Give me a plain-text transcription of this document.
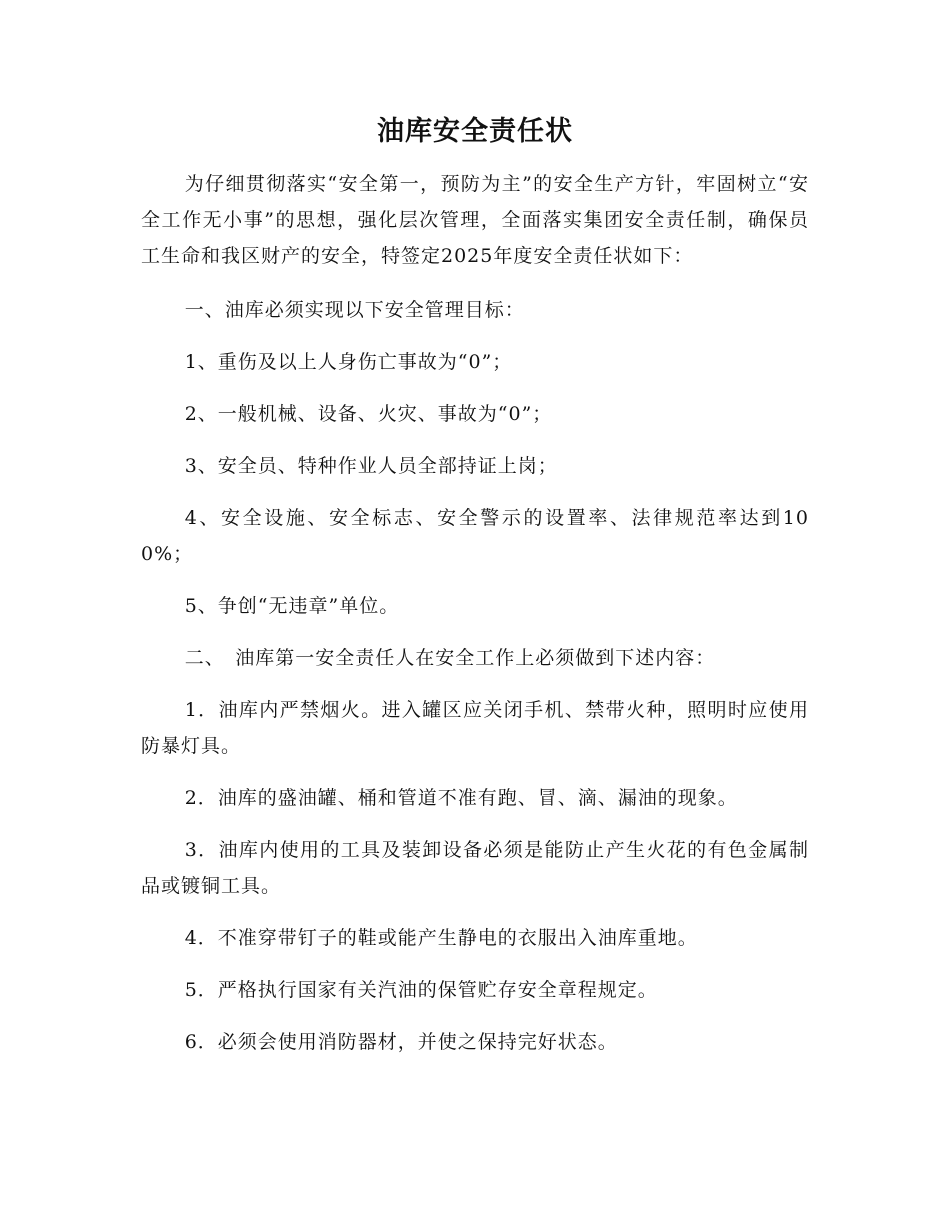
油库安全责任状

为仔细贯彻落实“安全第一，预防为主”的安全生产方针，牢固树立“安全工作无小事”的思想，强化层次管理，全面落实集团安全责任制，确保员工生命和我区财产的安全，特签定2025年度安全责任状如下：

一、油库必须实现以下安全管理目标：

1、重伤及以上人身伤亡事故为“0”；

2、一般机械、设备、火灾、事故为“0”；

3、安全员、特种作业人员全部持证上岗；

4、安全设施、安全标志、安全警示的设置率、法律规范率达到100%；

5、争创“无违章”单位。

二、　油库第一安全责任人在安全工作上必须做到下述内容：

1．油库内严禁烟火。进入罐区应关闭手机、禁带火种，照明时应使用防暴灯具。

2．油库的盛油罐、桶和管道不准有跑、冒、滴、漏油的现象。

3．油库内使用的工具及装卸设备必须是能防止产生火花的有色金属制品或镀铜工具。

4．不准穿带钉子的鞋或能产生静电的衣服出入油库重地。

5．严格执行国家有关汽油的保管贮存安全章程规定。

6．必须会使用消防器材，并使之保持完好状态。
